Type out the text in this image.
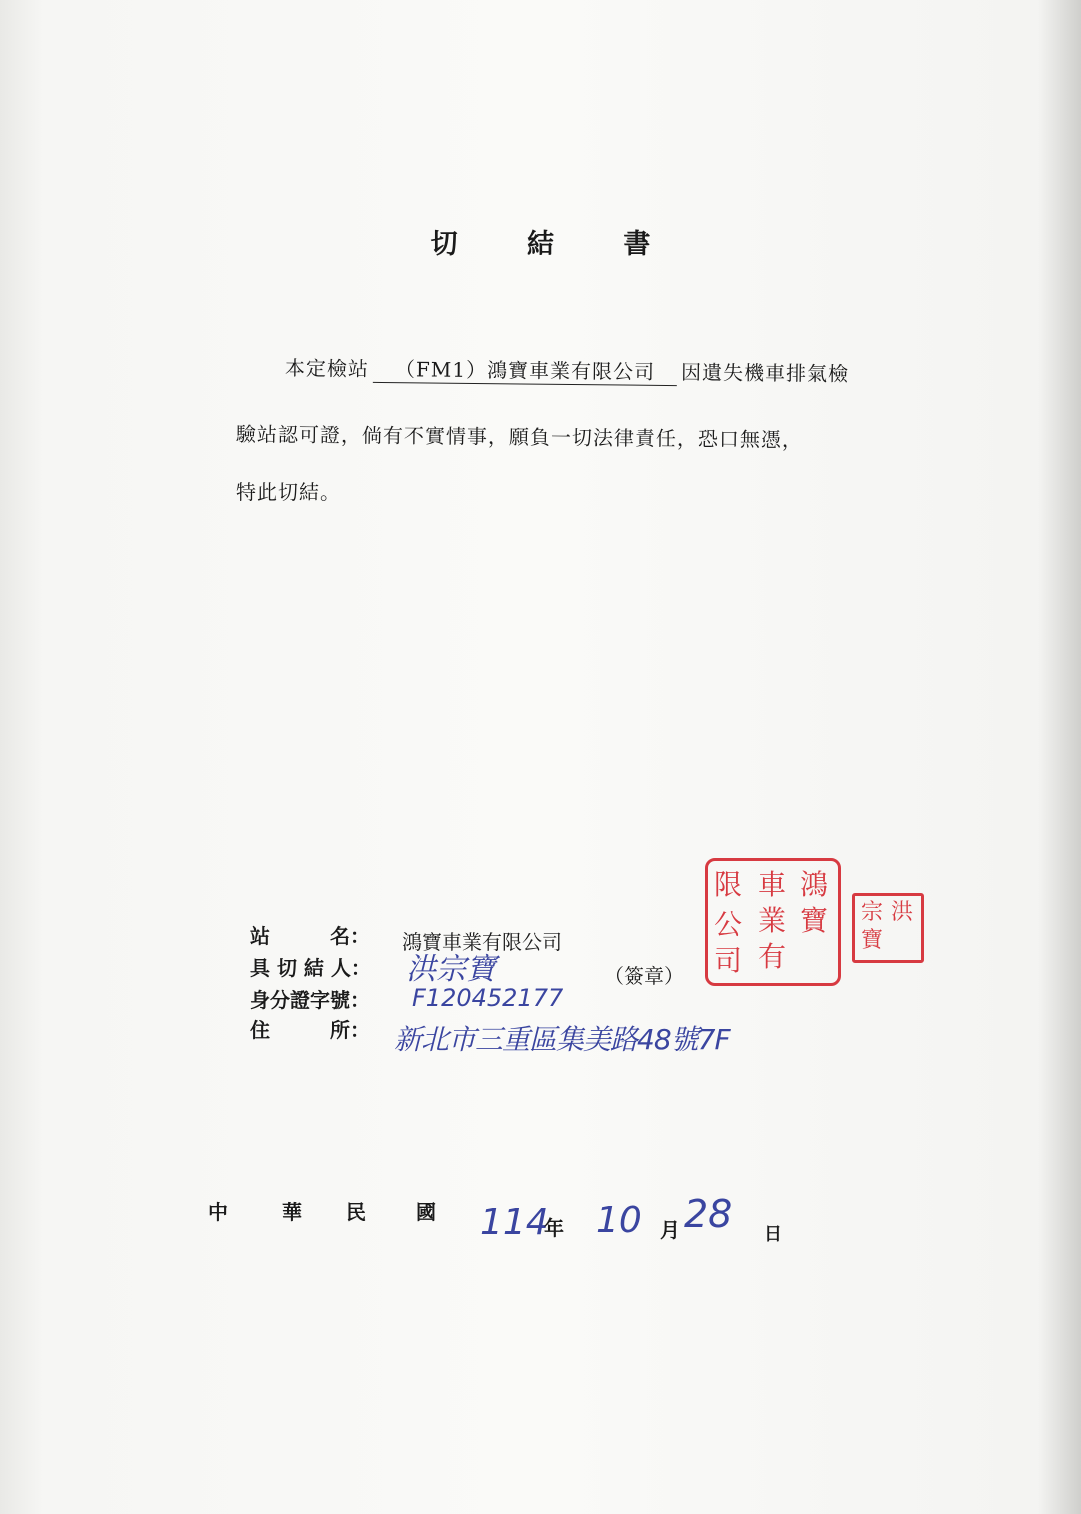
切 結 書
本定檢站 （FM1）鴻寶車業有限公司 因遺失機車排氣檢
驗站認可證，倘有不實情事，願負一切法律責任，恐口無憑，
特此切結。
鴻
車
限
寶
業
公
有
司
洪
宗
寶
站　　　名： 鴻寶車業有限公司
具 切 結 人： 洪宗寶	（簽章）
身分證字號： F120452177
住　　　所： 新北市三重區集美路48號7F
中	華 民	國 114
年 10 月 28 日
